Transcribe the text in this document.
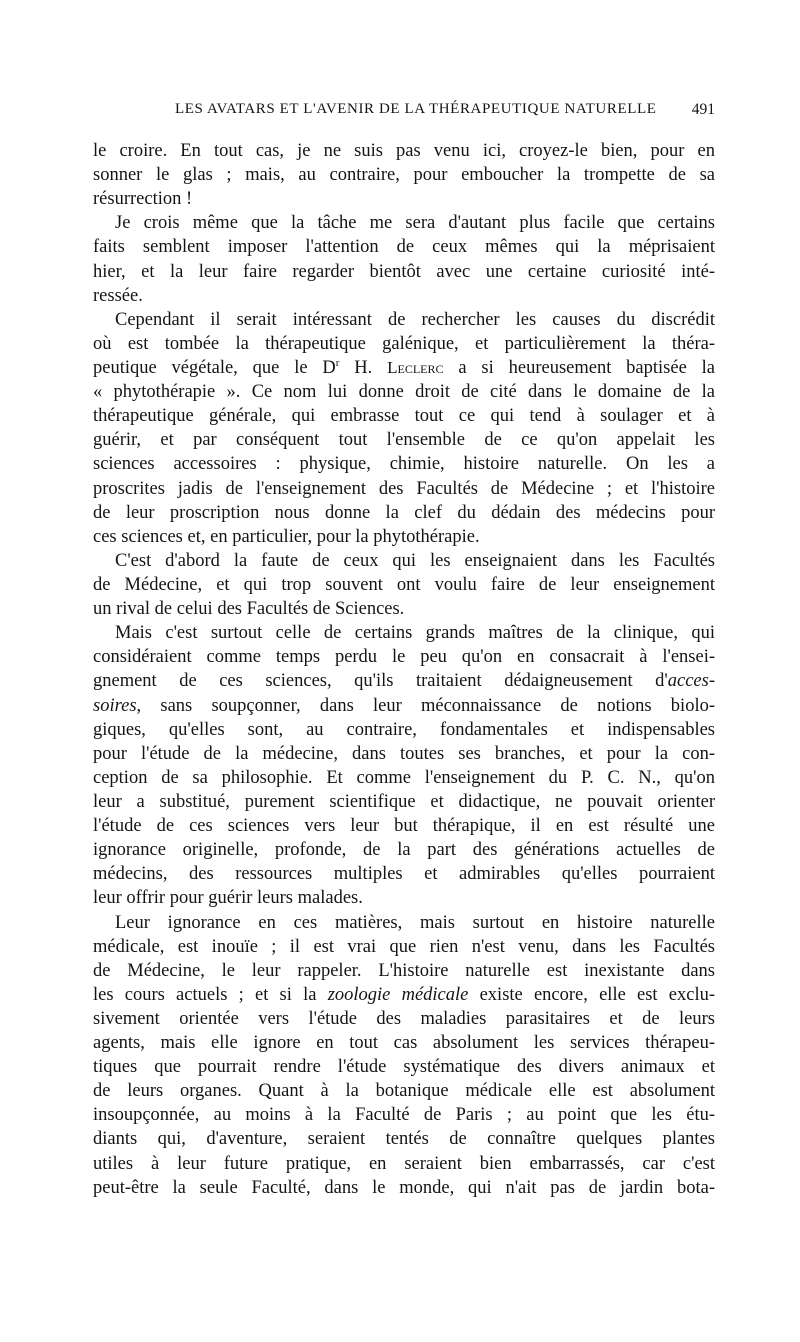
LES AVATARS ET L'AVENIR DE LA THÉRAPEUTIQUE NATURELLE 491
le croire. En tout cas, je ne suis pas venu ici, croyez-le bien, pour en
sonner le glas ; mais, au contraire, pour emboucher la trompette de sa
résurrection !
Je crois même que la tâche me sera d'autant plus facile que certains
faits semblent imposer l'attention de ceux mêmes qui la méprisaient
hier, et la leur faire regarder bientôt avec une certaine curiosité inté-
ressée.
Cependant il serait intéressant de rechercher les causes du discrédit
où est tombée la thérapeutique galénique, et particulièrement la théra-
peutique végétale, que le $D^r$ H. Leclerc a si heureusement baptisée la
« phytothérapie ». Ce nom lui donne droit de cité dans le domaine de la
thérapeutique générale, qui embrasse tout ce qui tend à soulager et à
guérir, et par conséquent tout l'ensemble de ce qu'on appelait les
sciences accessoires : physique, chimie, histoire naturelle. On les a
proscrites jadis de l'enseignement des Facultés de Médecine ; et l'histoire
de leur proscription nous donne la clef du dédain des médecins pour
ces sciences et, en particulier, pour la phytothérapie.
C'est d'abord la faute de ceux qui les enseignaient dans les Facultés
de Médecine, et qui trop souvent ont voulu faire de leur enseignement
un rival de celui des Facultés de Sciences.
Mais c'est surtout celle de certains grands maîtres de la clinique, qui
considéraient comme temps perdu le peu qu'on en consacrait à l'ensei-
gnement de ces sciences, qu'ils traitaient dédaigneusement d'acces-
soires, sans soupçonner, dans leur méconnaissance de notions biolo-
giques, qu'elles sont, au contraire, fondamentales et indispensables
pour l'étude de la médecine, dans toutes ses branches, et pour la con-
ception de sa philosophie. Et comme l'enseignement du P. C. N., qu'on
leur a substitué, purement scientifique et didactique, ne pouvait orienter
l'étude de ces sciences vers leur but thérapique, il en est résulté une
ignorance originelle, profonde, de la part des générations actuelles de
médecins, des ressources multiples et admirables qu'elles pourraient
leur offrir pour guérir leurs malades.
Leur ignorance en ces matières, mais surtout en histoire naturelle
médicale, est inouïe ; il est vrai que rien n'est venu, dans les Facultés
de Médecine, le leur rappeler. L'histoire naturelle est inexistante dans
les cours actuels ; et si la zoologie médicale existe encore, elle est exclu-
sivement orientée vers l'étude des maladies parasitaires et de leurs
agents, mais elle ignore en tout cas absolument les services thérapeu-
tiques que pourrait rendre l'étude systématique des divers animaux et
de leurs organes. Quant à la botanique médicale elle est absolument
insoupçonnée, au moins à la Faculté de Paris ; au point que les étu-
diants qui, d'aventure, seraient tentés de connaître quelques plantes
utiles à leur future pratique, en seraient bien embarrassés, car c'est
peut-être la seule Faculté, dans le monde, qui n'ait pas de jardin bota-
